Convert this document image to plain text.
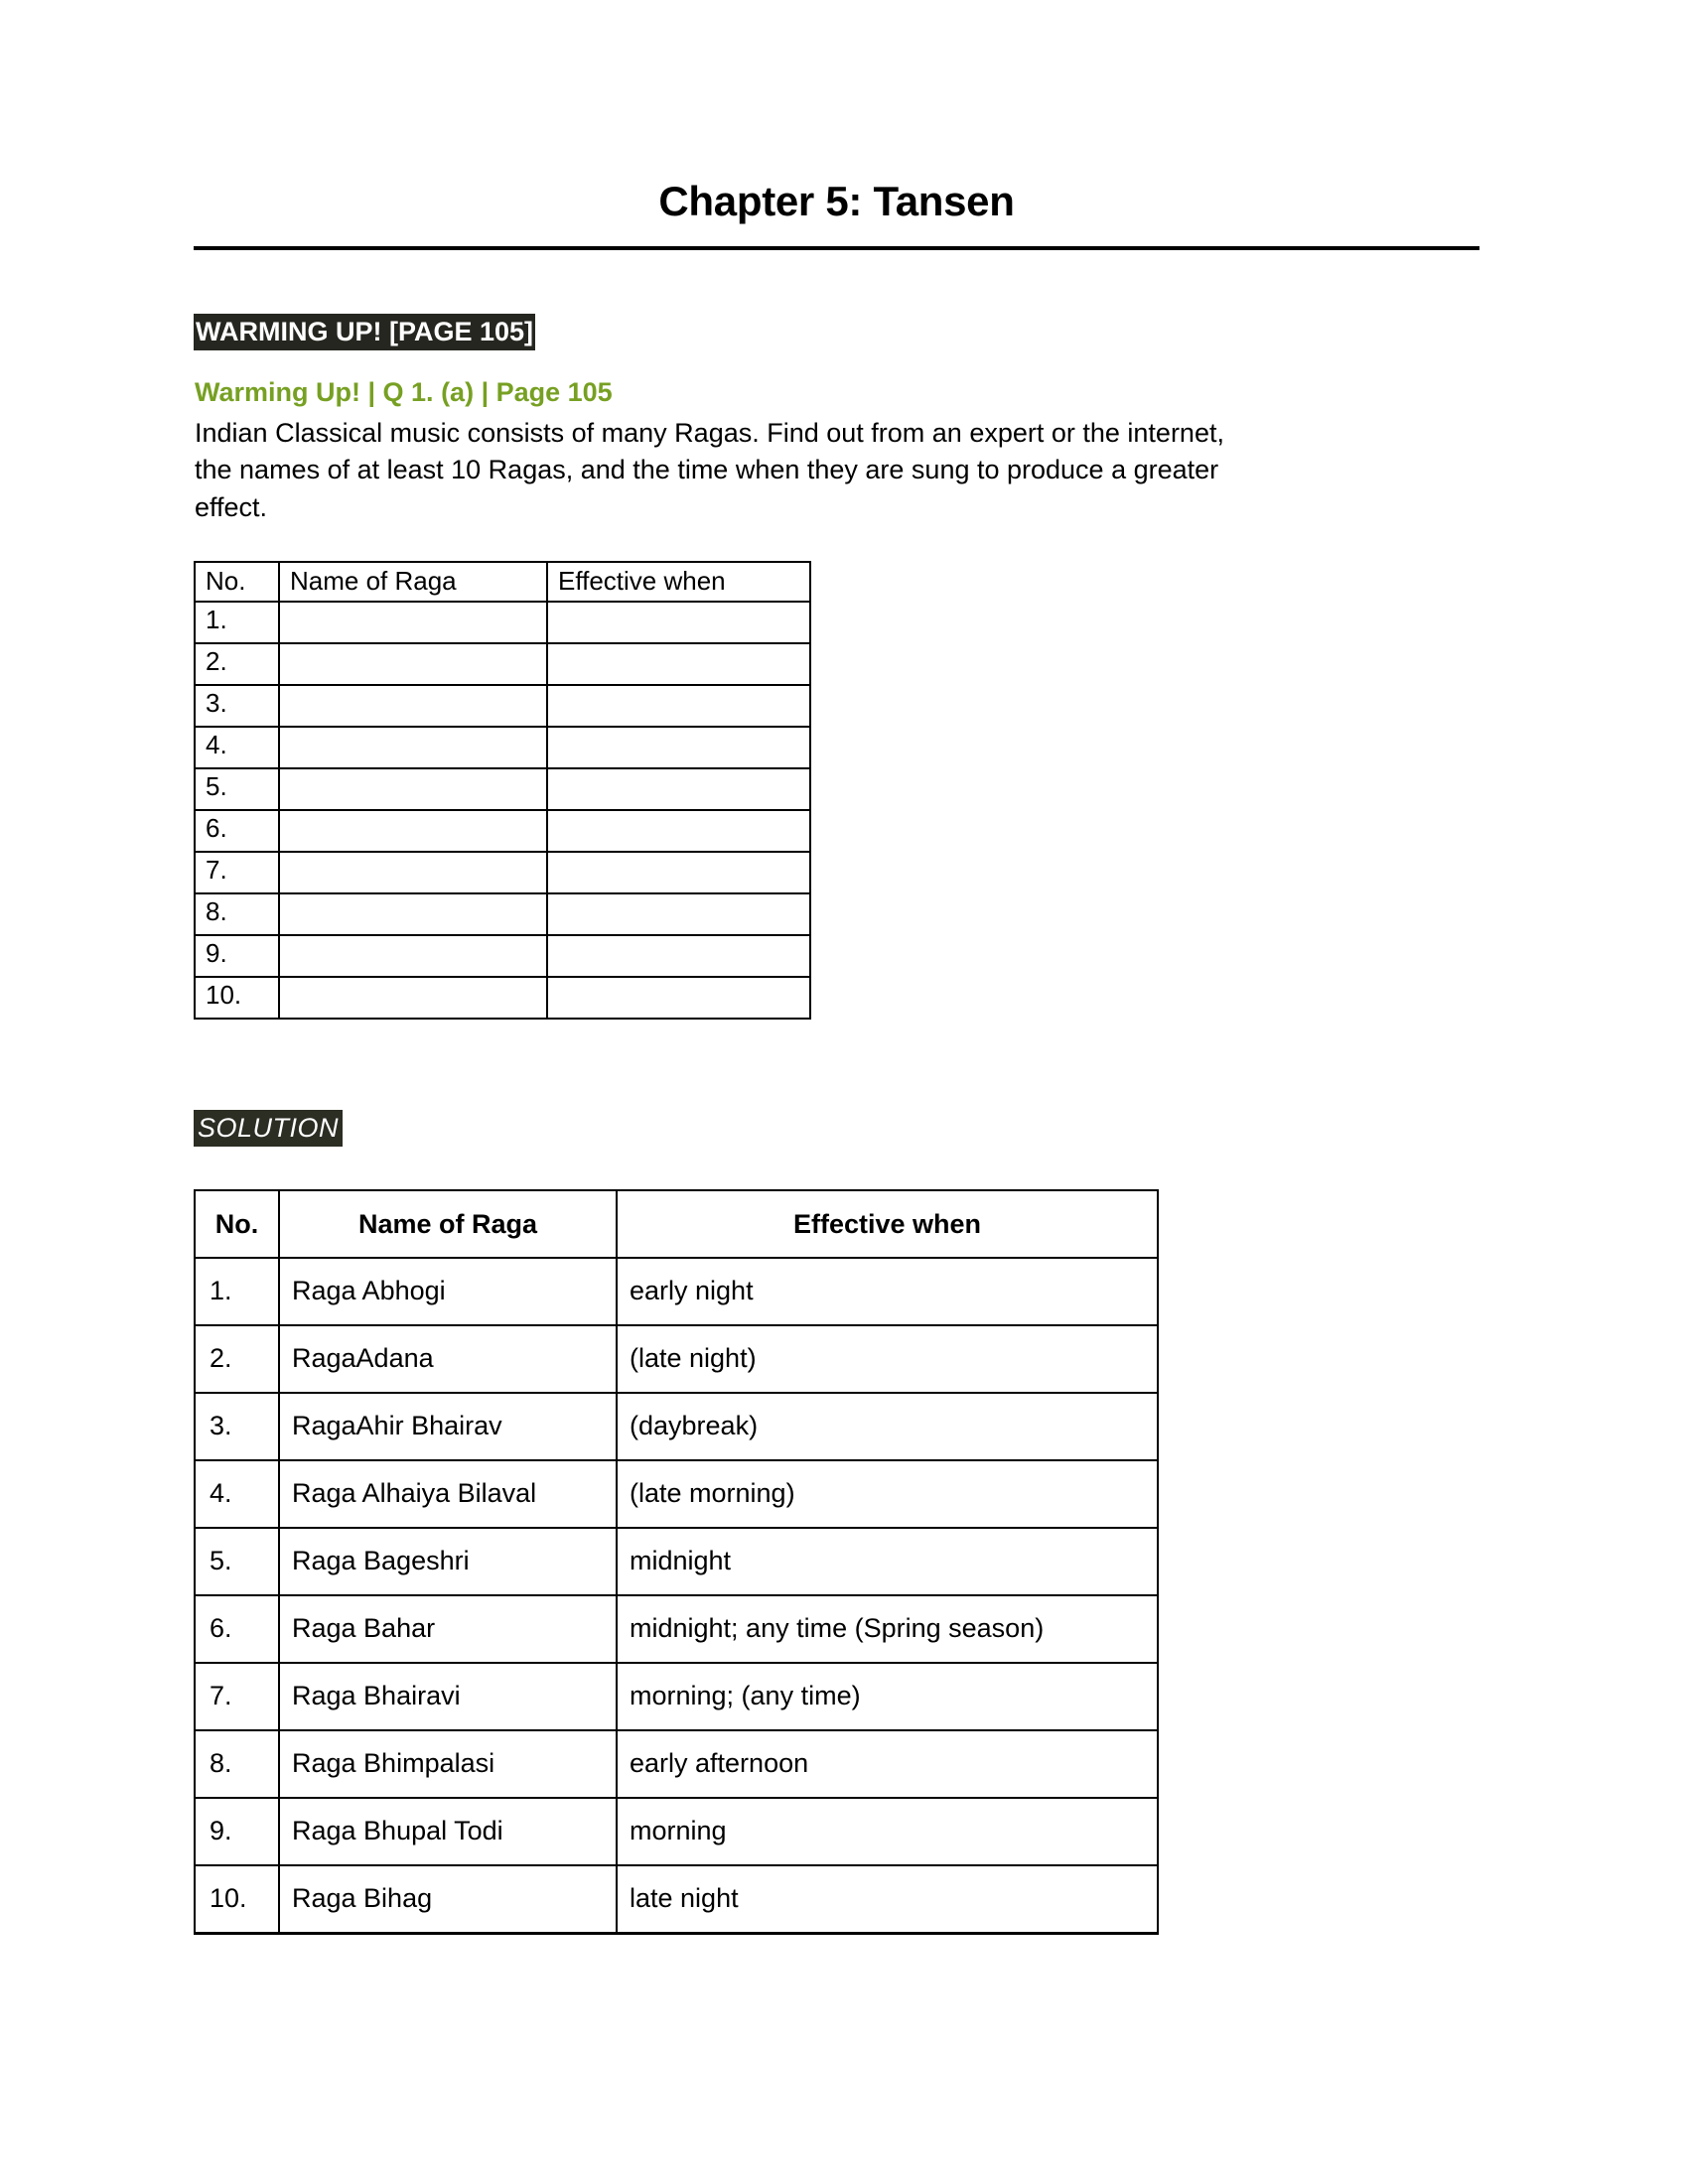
Chapter 5: Tansen
WARMING UP! [PAGE 105]
Warming Up! | Q 1. (a) | Page 105
Indian Classical music consists of many Ragas. Find out from an expert or the internet,
the names of at least 10 Ragas, and the time when they are sung to produce a greater
effect.
No.	Name of Raga	Effective when
1.		
2.		
3.		
4.		
5.		
6.		
7.		
8.		
9.		
10.		
SOLUTION
No.	Name of Raga	Effective when
1.	Raga Abhogi	early night
2.	RagaAdana	(late night)
3.	RagaAhir Bhairav	(daybreak)
4.	Raga Alhaiya Bilaval	(late morning)
5.	Raga Bageshri	midnight
6.	Raga Bahar	midnight; any time (Spring season)
7.	Raga Bhairavi	morning; (any time)
8.	Raga Bhimpalasi	early afternoon
9.	Raga Bhupal Todi	morning
10.	Raga Bihag	late night
